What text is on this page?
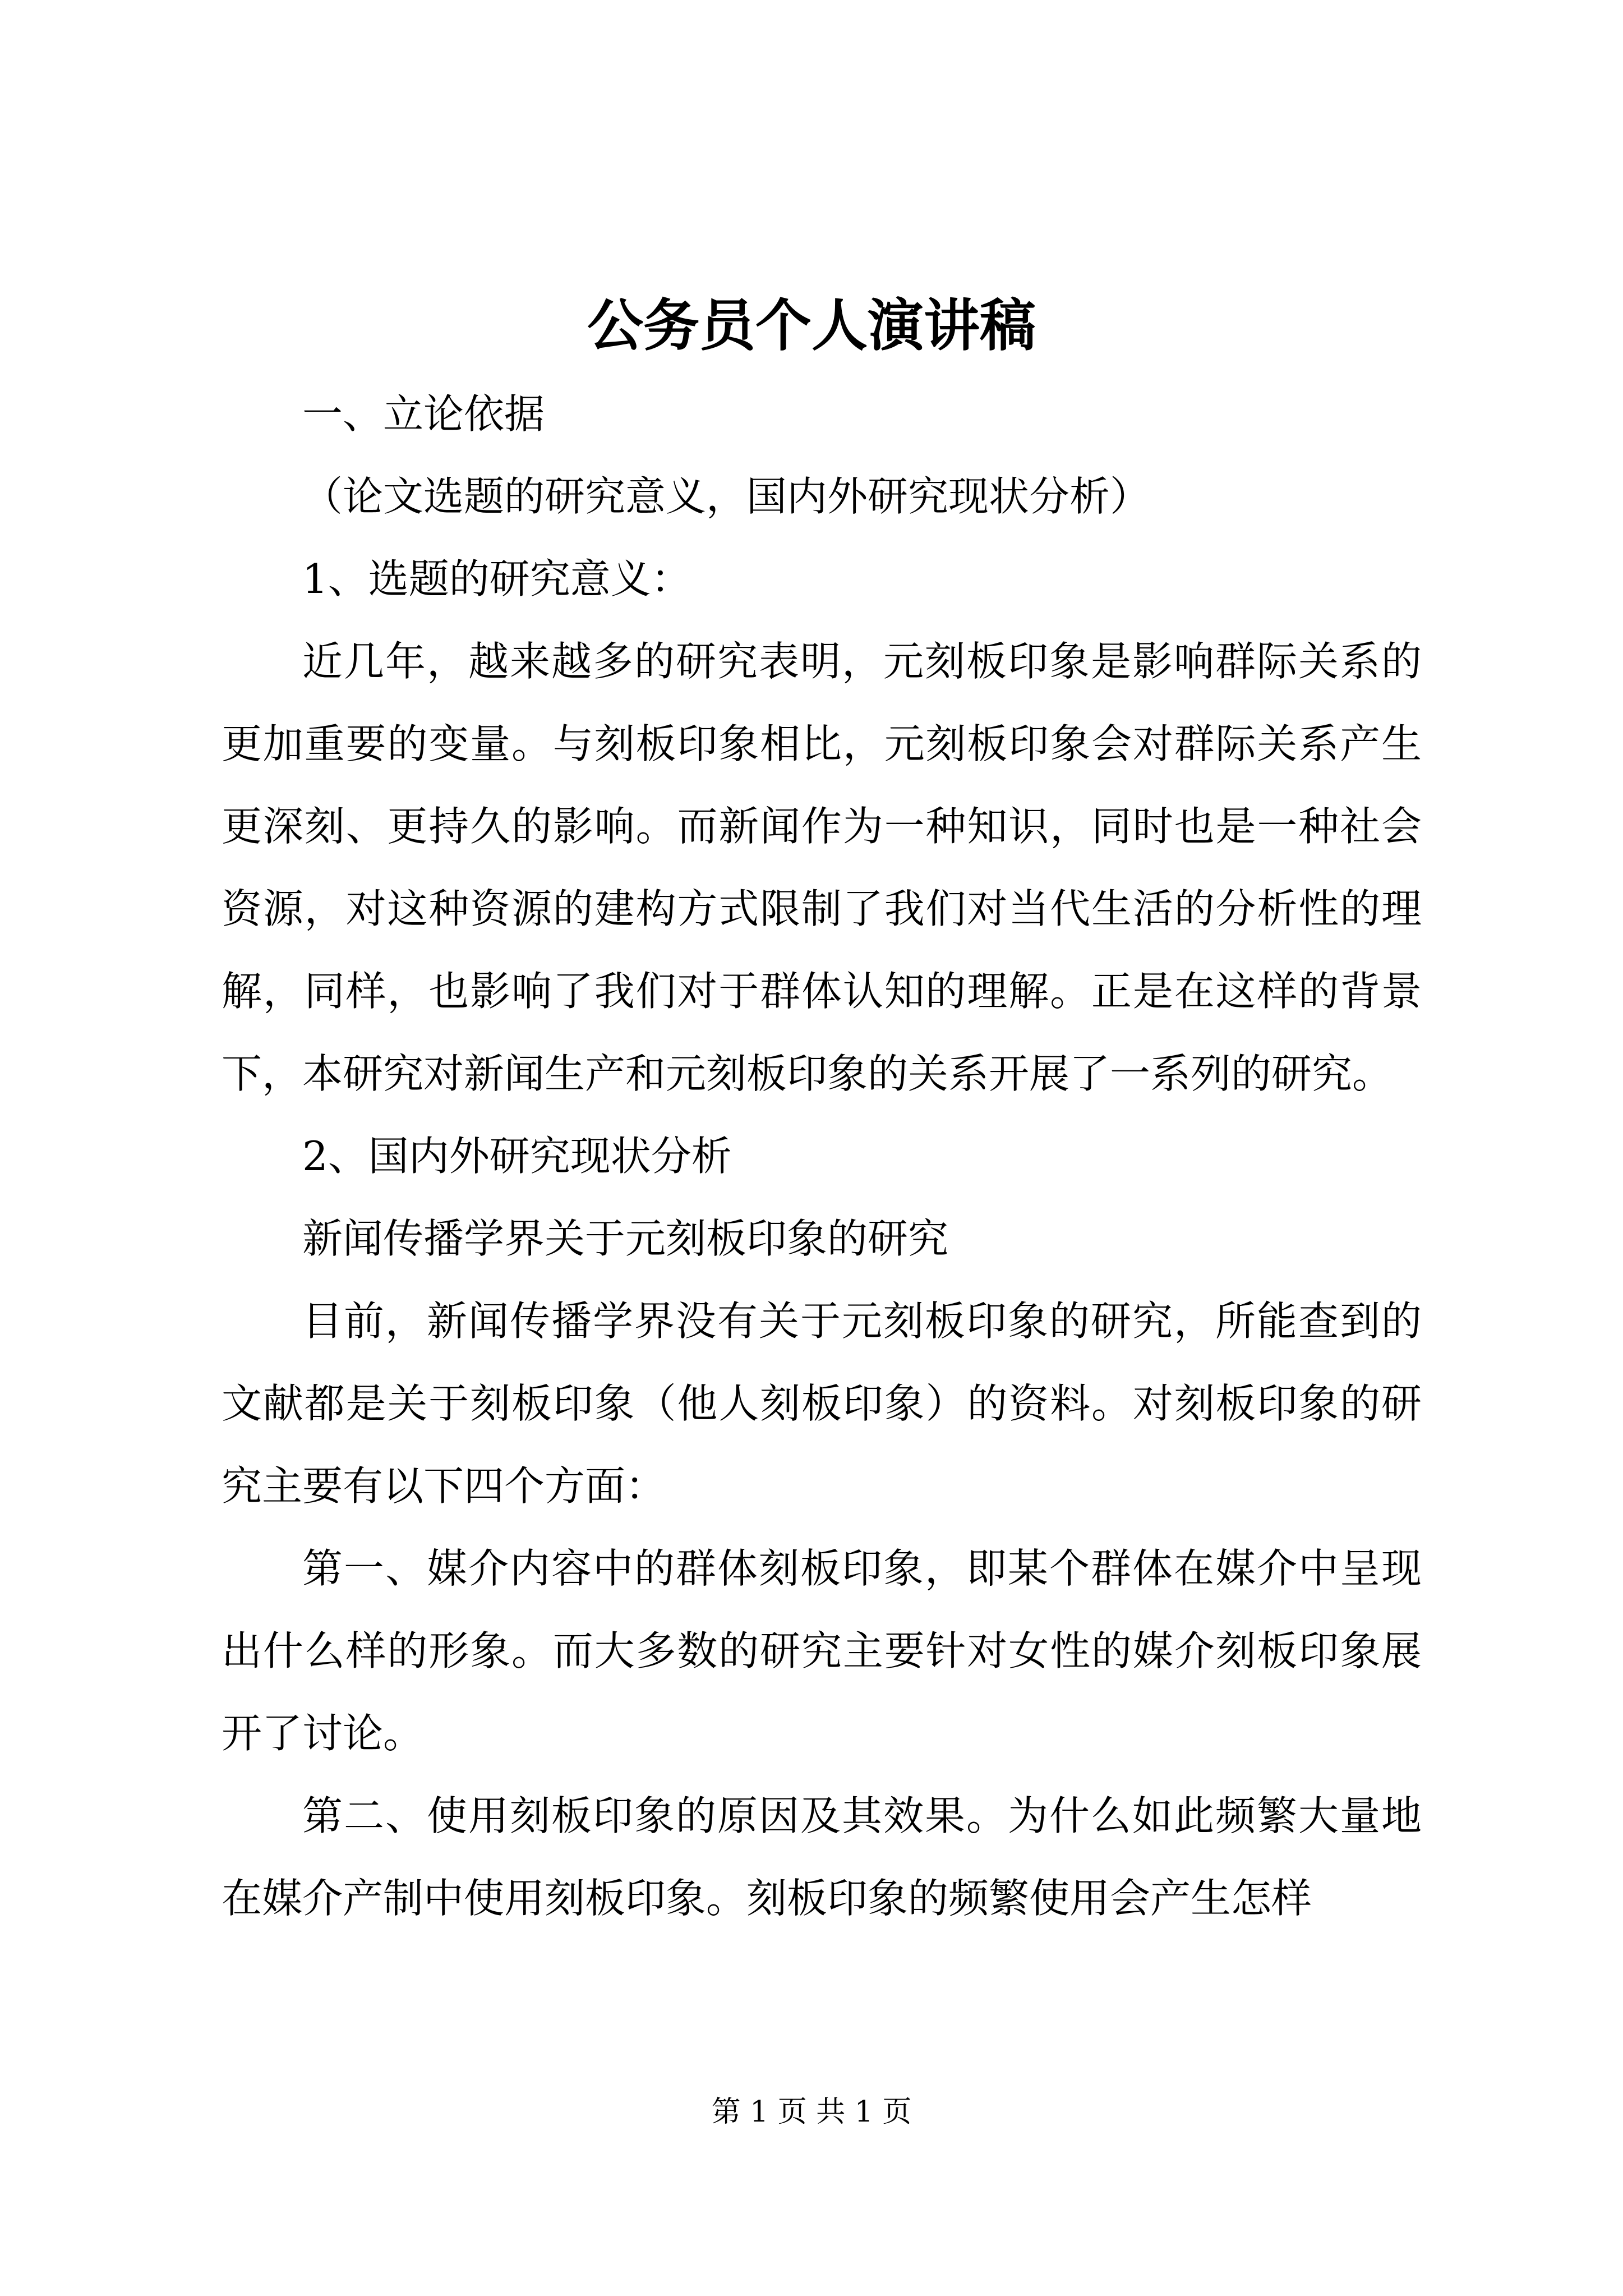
公务员个人演讲稿

一、立论依据

（论文选题的研究意义，国内外研究现状分析）

1、选题的研究意义：

近几年，越来越多的研究表明，元刻板印象是影响群际关系的更加重要的变量。与刻板印象相比，元刻板印象会对群际关系产生更深刻、更持久的影响。而新闻作为一种知识，同时也是一种社会资源，对这种资源的建构方式限制了我们对当代生活的分析性的理解，同样，也影响了我们对于群体认知的理解。正是在这样的背景下，本研究对新闻生产和元刻板印象的关系开展了一系列的研究。

2、国内外研究现状分析

新闻传播学界关于元刻板印象的研究

目前，新闻传播学界没有关于元刻板印象的研究，所能查到的文献都是关于刻板印象（他人刻板印象）的资料。对刻板印象的研究主要有以下四个方面：

第一、媒介内容中的群体刻板印象，即某个群体在媒介中呈现出什么样的形象。而大多数的研究主要针对女性的媒介刻板印象展开了讨论。

第二、使用刻板印象的原因及其效果。为什么如此频繁大量地在媒介产制中使用刻板印象。刻板印象的频繁使用会产生怎样

第 1 页 共 1 页
